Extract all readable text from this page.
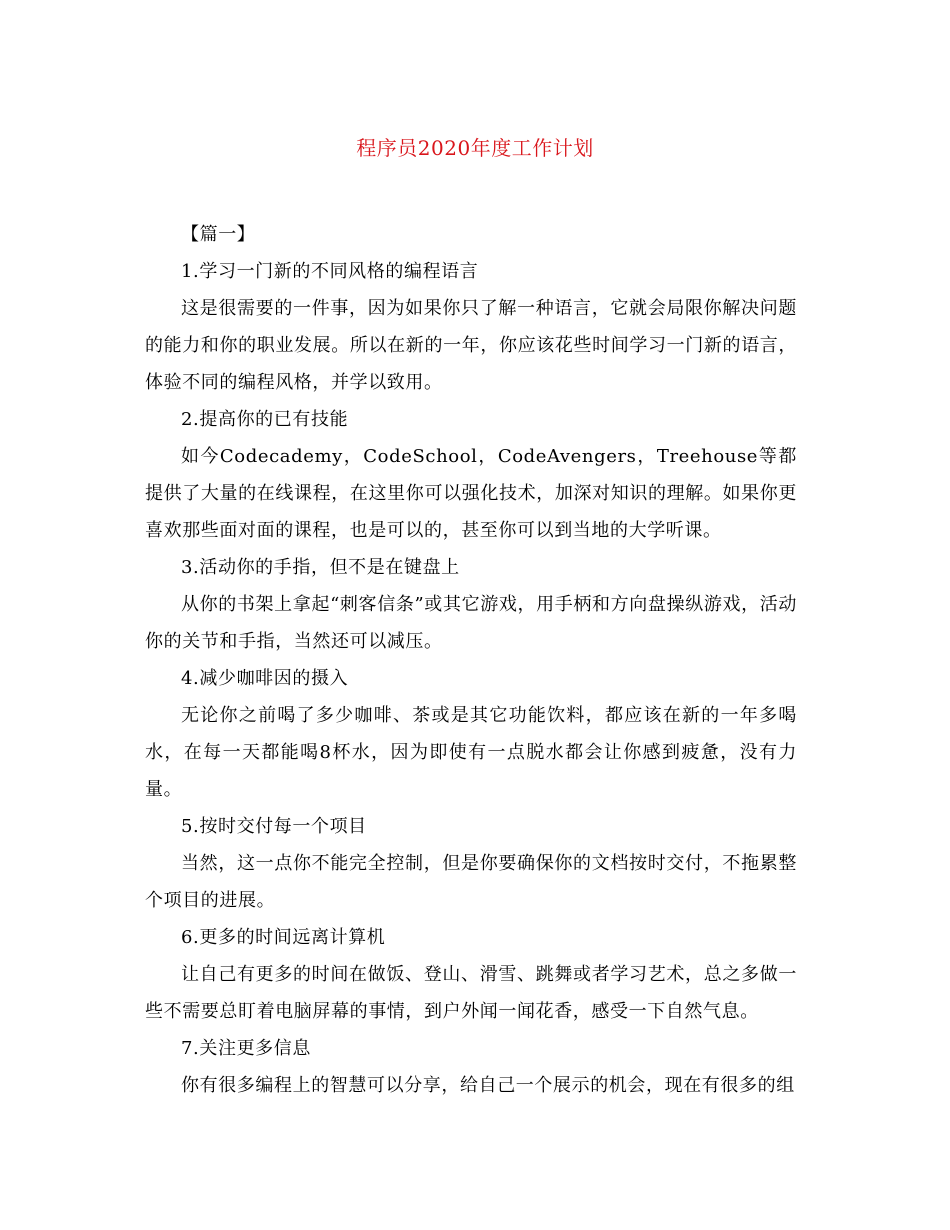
程序员2020年度工作计划

【篇一】

1.学习一门新的不同风格的编程语言

这是很需要的一件事，因为如果你只了解一种语言，它就会局限你解决问题的能力和你的职业发展。所以在新的一年，你应该花些时间学习一门新的语言，体验不同的编程风格，并学以致用。

2.提高你的已有技能

如今Codecademy，CodeSchool，CodeAvengers，Treehouse等都提供了大量的在线课程，在这里你可以强化技术，加深对知识的理解。如果你更喜欢那些面对面的课程，也是可以的，甚至你可以到当地的大学听课。

3.活动你的手指，但不是在键盘上

从你的书架上拿起“刺客信条”或其它游戏，用手柄和方向盘操纵游戏，活动你的关节和手指，当然还可以减压。

4.减少咖啡因的摄入

无论你之前喝了多少咖啡、茶或是其它功能饮料，都应该在新的一年多喝水，在每一天都能喝8杯水，因为即使有一点脱水都会让你感到疲惫，没有力量。

5.按时交付每一个项目

当然，这一点你不能完全控制，但是你要确保你的文档按时交付，不拖累整个项目的进展。

6.更多的时间远离计算机

让自己有更多的时间在做饭、登山、滑雪、跳舞或者学习艺术，总之多做一些不需要总盯着电脑屏幕的事情，到户外闻一闻花香，感受一下自然气息。

7.关注更多信息

你有很多编程上的智慧可以分享，给自己一个展示的机会，现在有很多的组
